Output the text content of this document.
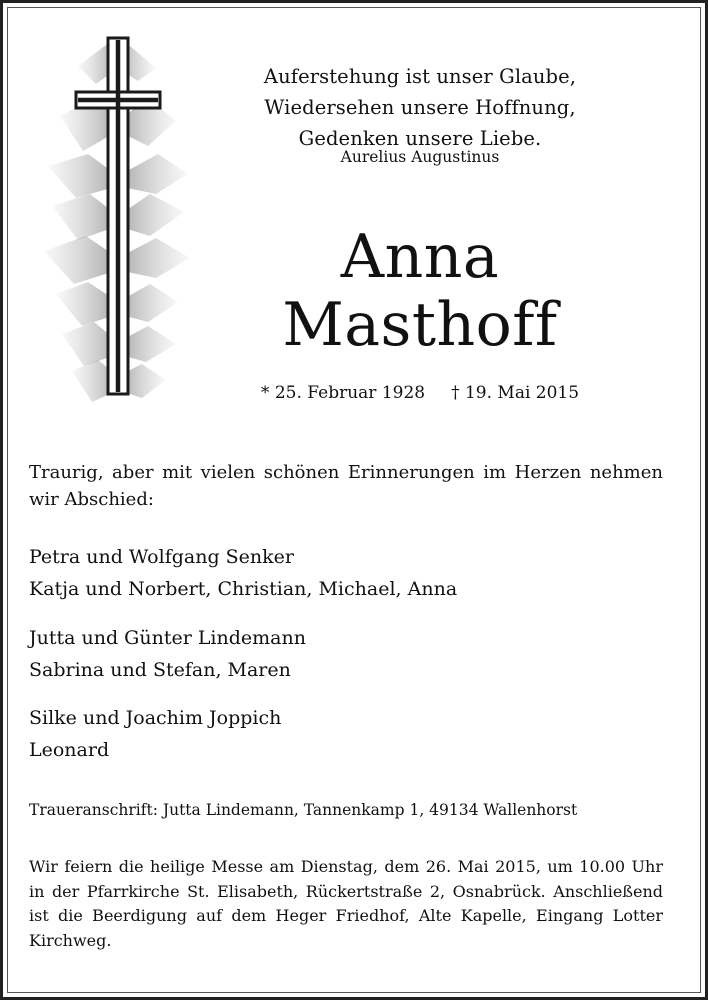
Auferstehung ist unser Glaube,
Wiedersehen unsere Hoffnung,
Gedenken unsere Liebe.
Aurelius Augustinus
Anna
Masthoff
* 25. Februar 1928 † 19. Mai 2015
Traurig, aber mit vielen schönen Erinnerungen im Herzen nehmen wir Abschied:
Petra und Wolfgang Senker
Katja und Norbert, Christian, Michael, Anna
Jutta und Günter Lindemann
Sabrina und Stefan, Maren
Silke und Joachim Joppich
Leonard
Traueranschrift: Jutta Lindemann, Tannenkamp 1, 49134 Wallenhorst
Wir feiern die heilige Messe am Dienstag, dem 26. Mai 2015, um 10.00 Uhr in der Pfarrkirche St. Elisabeth, Rückertstraße 2, Osnabrück. Anschließend ist die Beerdigung auf dem Heger Friedhof, Alte Kapelle, Eingang Lotter Kirchweg.
